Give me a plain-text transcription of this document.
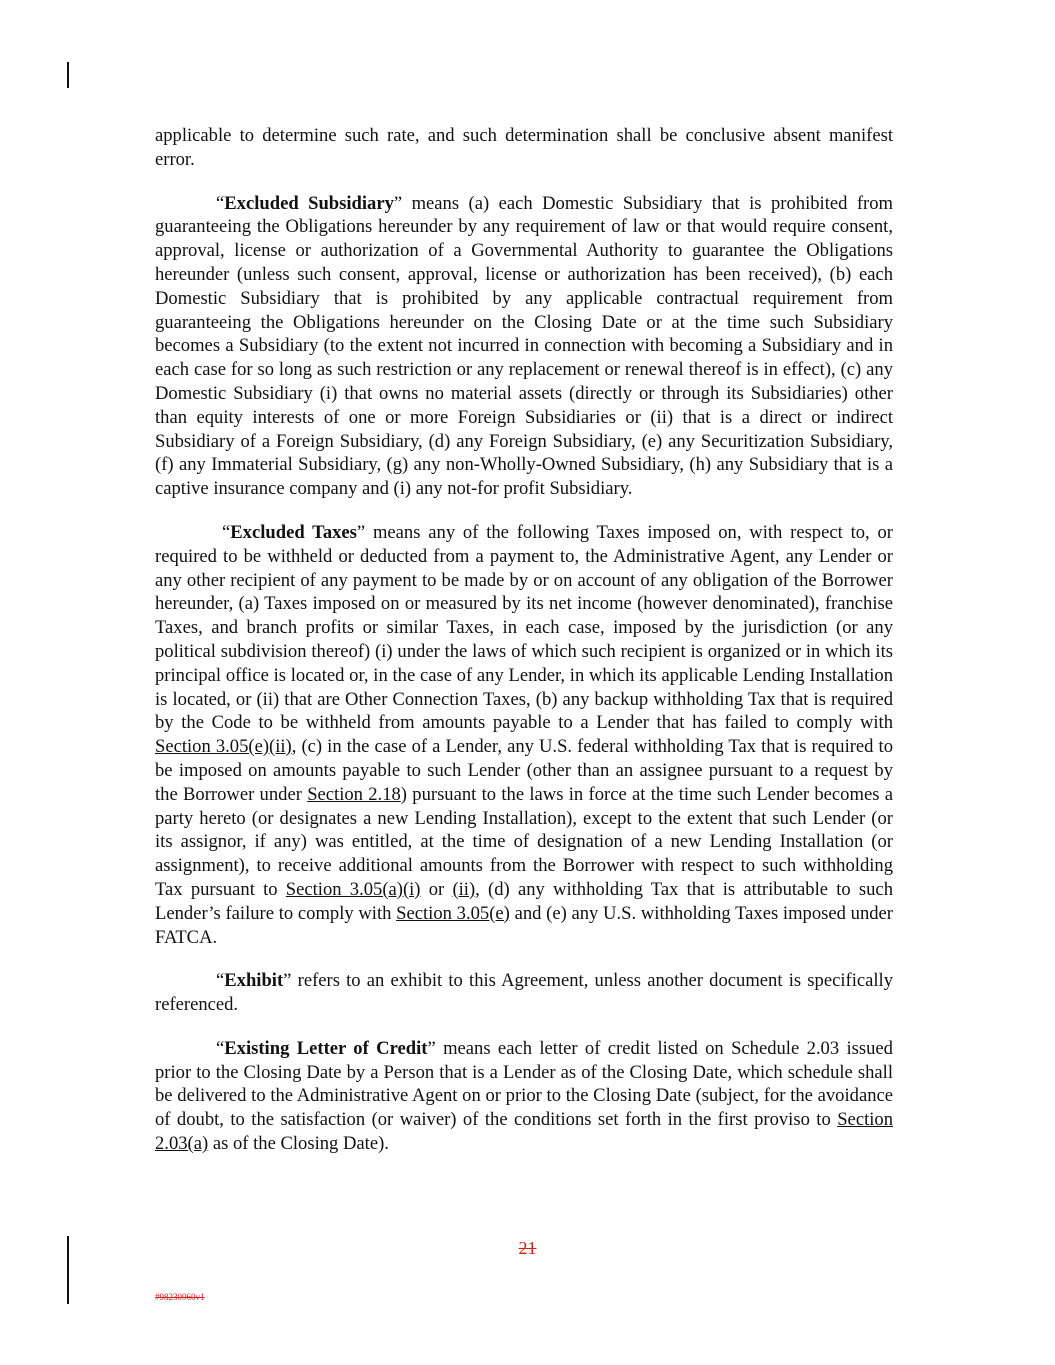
applicable to determine such rate, and such determination shall be conclusive absent manifest error.

“Excluded Subsidiary” means (a) each Domestic Subsidiary that is prohibited from guaranteeing the Obligations hereunder by any requirement of law or that would require consent, approval, license or authorization of a Governmental Authority to guarantee the Obligations hereunder (unless such consent, approval, license or authorization has been received), (b) each Domestic Subsidiary that is prohibited by any applicable contractual requirement from guaranteeing the Obligations hereunder on the Closing Date or at the time such Subsidiary becomes a Subsidiary (to the extent not incurred in connection with becoming a Subsidiary and in each case for so long as such restriction or any replacement or renewal thereof is in effect), (c) any Domestic Subsidiary (i) that owns no material assets (directly or through its Subsidiaries) other than equity interests of one or more Foreign Subsidiaries or (ii) that is a direct or indirect Subsidiary of a Foreign Subsidiary, (d) any Foreign Subsidiary, (e) any Securitization Subsidiary, (f) any Immaterial Subsidiary, (g) any non-Wholly-Owned Subsidiary, (h) any Subsidiary that is a captive insurance company and (i) any not-for profit Subsidiary.

“Excluded Taxes” means any of the following Taxes imposed on, with respect to, or required to be withheld or deducted from a payment to, the Administrative Agent, any Lender or any other recipient of any payment to be made by or on account of any obligation of the Borrower hereunder, (a) Taxes imposed on or measured by its net income (however denominated), franchise Taxes, and branch profits or similar Taxes, in each case, imposed by the jurisdiction (or any political subdivision thereof) (i) under the laws of which such recipient is organized or in which its principal office is located or, in the case of any Lender, in which its applicable Lending Installation is located, or (ii) that are Other Connection Taxes, (b) any backup withholding Tax that is required by the Code to be withheld from amounts payable to a Lender that has failed to comply with Section 3.05(e)(ii), (c) in the case of a Lender, any U.S. federal withholding Tax that is required to be imposed on amounts payable to such Lender (other than an assignee pursuant to a request by the Borrower under Section 2.18) pursuant to the laws in force at the time such Lender becomes a party hereto (or designates a new Lending Installation), except to the extent that such Lender (or its assignor, if any) was entitled, at the time of designation of a new Lending Installation (or assignment), to receive additional amounts from the Borrower with respect to such withholding Tax pursuant to Section 3.05(a)(i) or (ii), (d) any withholding Tax that is attributable to such Lender’s failure to comply with Section 3.05(e) and (e) any U.S. withholding Taxes imposed under FATCA.

“Exhibit” refers to an exhibit to this Agreement, unless another document is specifically referenced.

“Existing Letter of Credit” means each letter of credit listed on Schedule 2.03 issued prior to the Closing Date by a Person that is a Lender as of the Closing Date, which schedule shall be delivered to the Administrative Agent on or prior to the Closing Date (subject, for the avoidance of doubt, to the satisfaction (or waiver) of the conditions set forth in the first proviso to Section 2.03(a) as of the Closing Date).

21
#98230960v1
